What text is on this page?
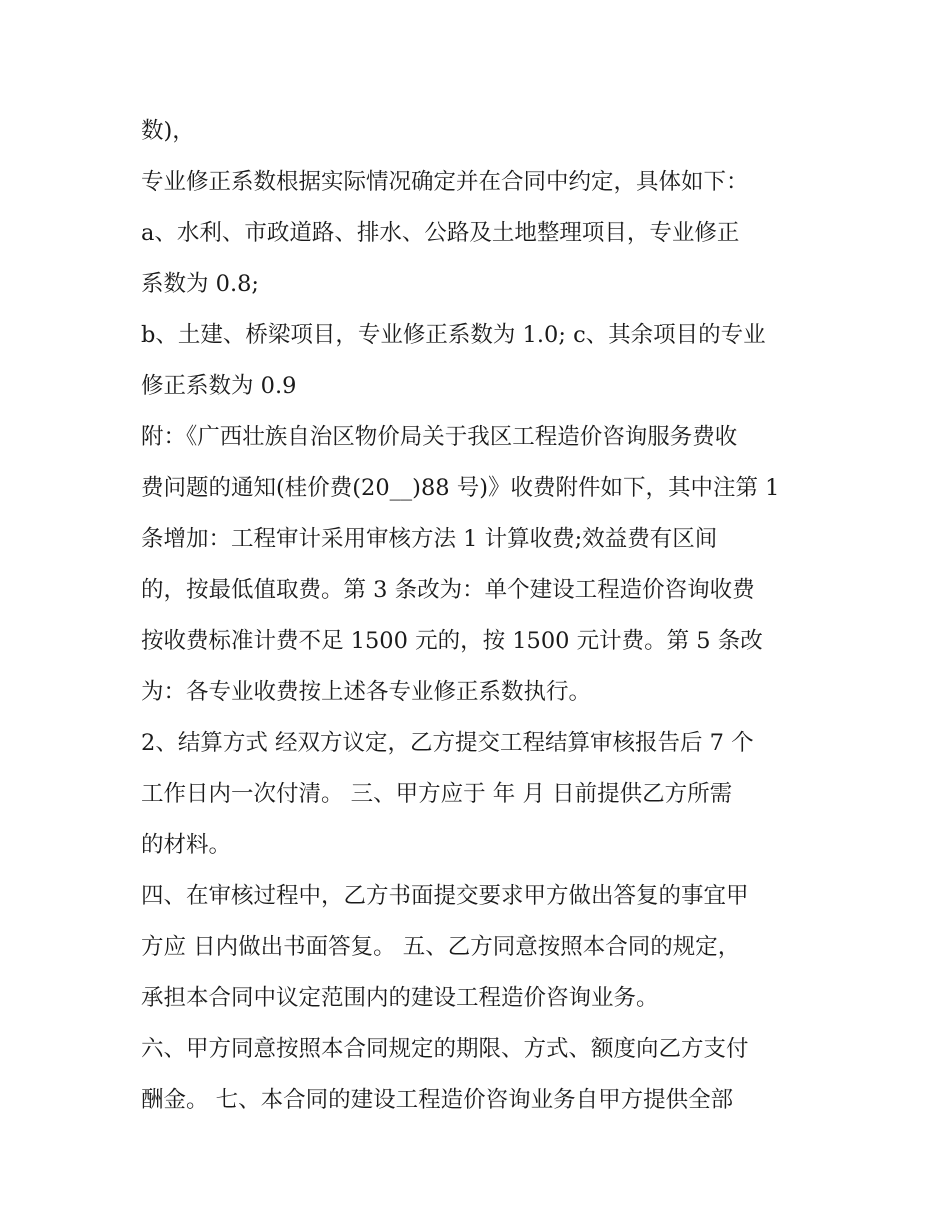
数)，
专业修正系数根据实际情况确定并在合同中约定，具体如下：
a、水利、市政道路、排水、公路及土地整理项目，专业修正
系数为 0.8;
b、土建、桥梁项目，专业修正系数为 1.0; c、其余项目的专业
修正系数为 0.9
附：《广西壮族自治区物价局关于我区工程造价咨询服务费收
费问题的通知(桂价费(20__)88 号)》收费附件如下，其中注第 1
条增加：工程审计采用审核方法 1 计算收费;效益费有区间
的，按最低值取费。第 3 条改为：单个建设工程造价咨询收费
按收费标准计费不足 1500 元的，按 1500 元计费。第 5 条改
为：各专业收费按上述各专业修正系数执行。
2、结算方式 经双方议定，乙方提交工程结算审核报告后 7 个
工作日内一次付清。 三、甲方应于 年 月 日前提供乙方所需
的材料。
四、在审核过程中，乙方书面提交要求甲方做出答复的事宜甲
方应 日内做出书面答复。 五、乙方同意按照本合同的规定，
承担本合同中议定范围内的建设工程造价咨询业务。
六、甲方同意按照本合同规定的期限、方式、额度向乙方支付
酬金。 七、本合同的建设工程造价咨询业务自甲方提供全部
